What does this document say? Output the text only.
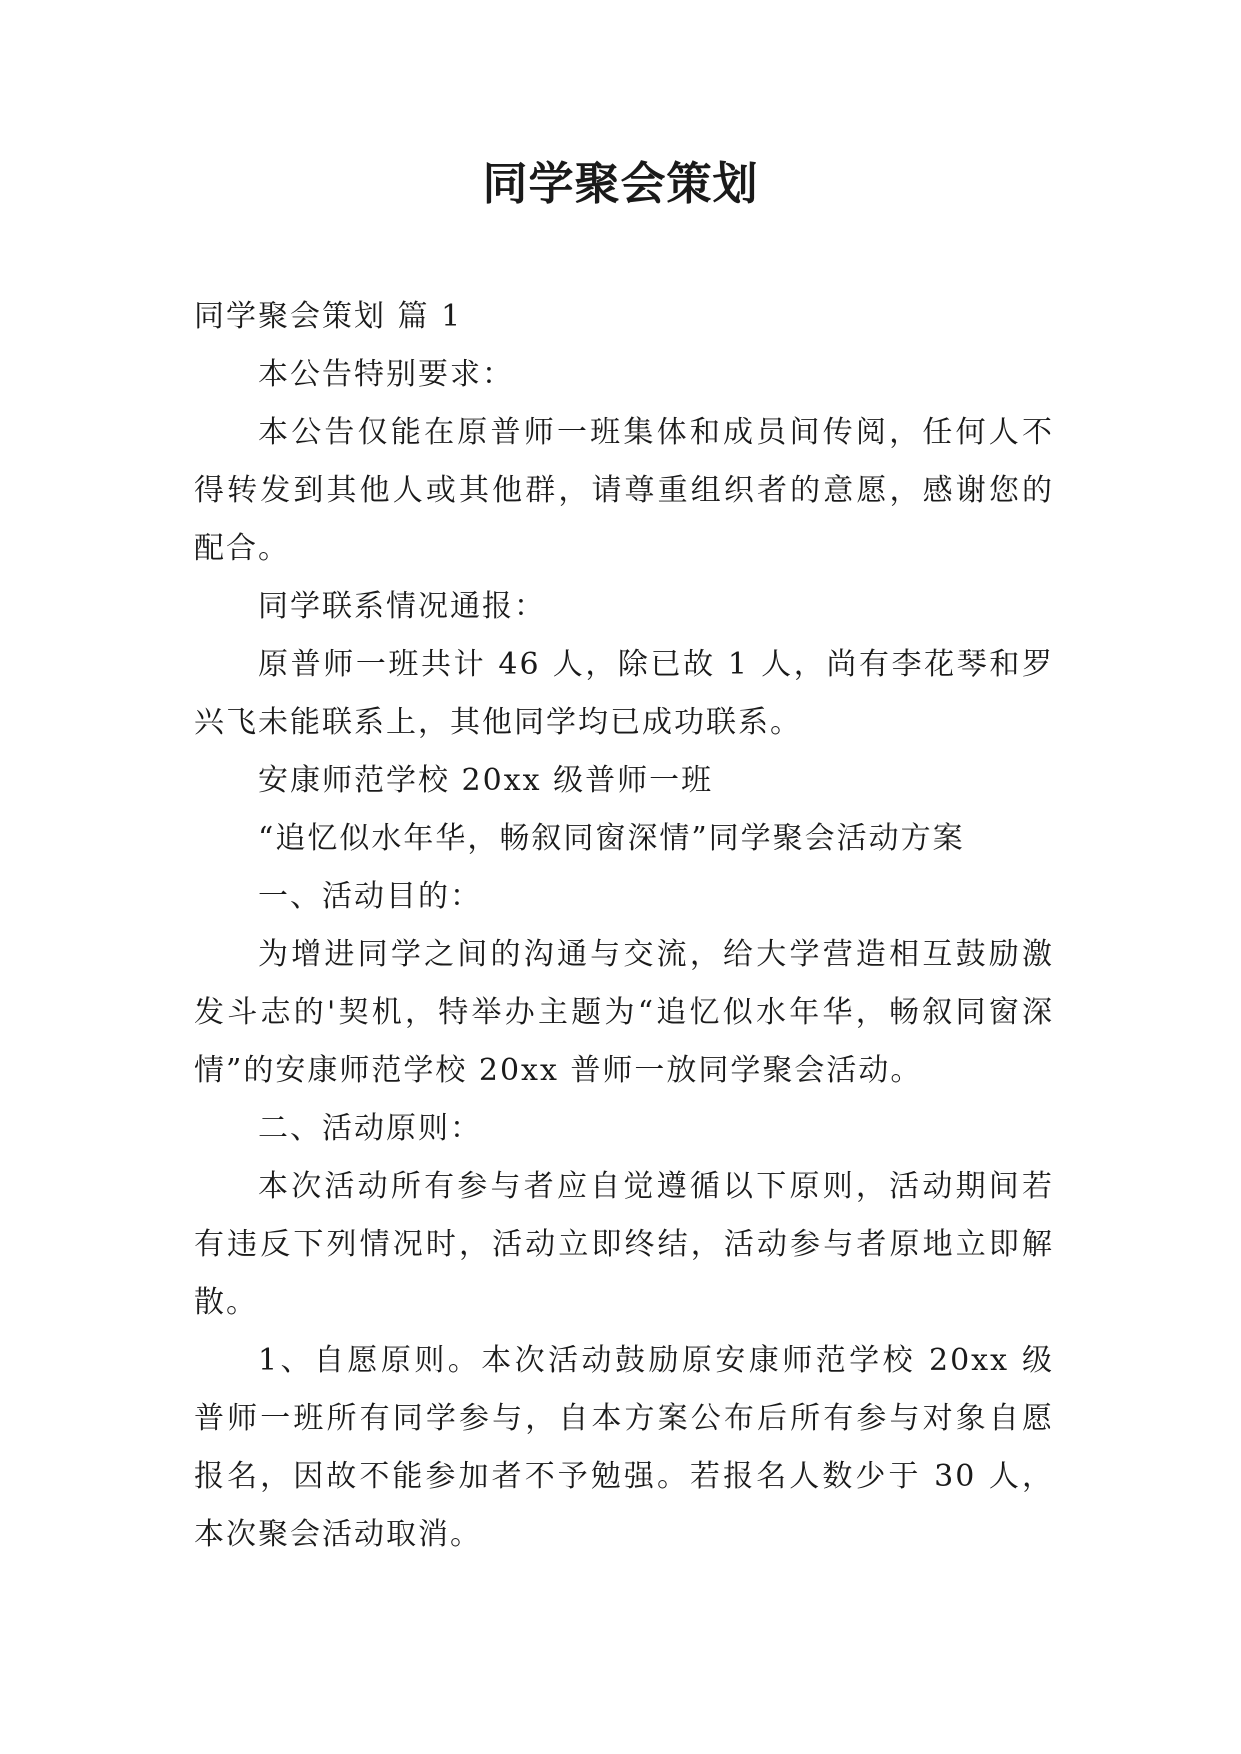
同学聚会策划

同学聚会策划 篇 1

本公告特别要求：

本公告仅能在原普师一班集体和成员间传阅，任何人不得转发到其他人或其他群，请尊重组织者的意愿，感谢您的配合。

同学联系情况通报：

原普师一班共计 46 人，除已故 1 人，尚有李花琴和罗兴飞未能联系上，其他同学均已成功联系。

安康师范学校 20xx 级普师一班

“追忆似水年华，畅叙同窗深情”同学聚会活动方案

一、活动目的：

为增进同学之间的沟通与交流，给大学营造相互鼓励激发斗志的'契机，特举办主题为“追忆似水年华，畅叙同窗深情”的安康师范学校 20xx 普师一放同学聚会活动。

二、活动原则：

本次活动所有参与者应自觉遵循以下原则，活动期间若有违反下列情况时，活动立即终结，活动参与者原地立即解散。

1、自愿原则。本次活动鼓励原安康师范学校 20xx 级普师一班所有同学参与，自本方案公布后所有参与对象自愿报名，因故不能参加者不予勉强。若报名人数少于 30 人，本次聚会活动取消。
